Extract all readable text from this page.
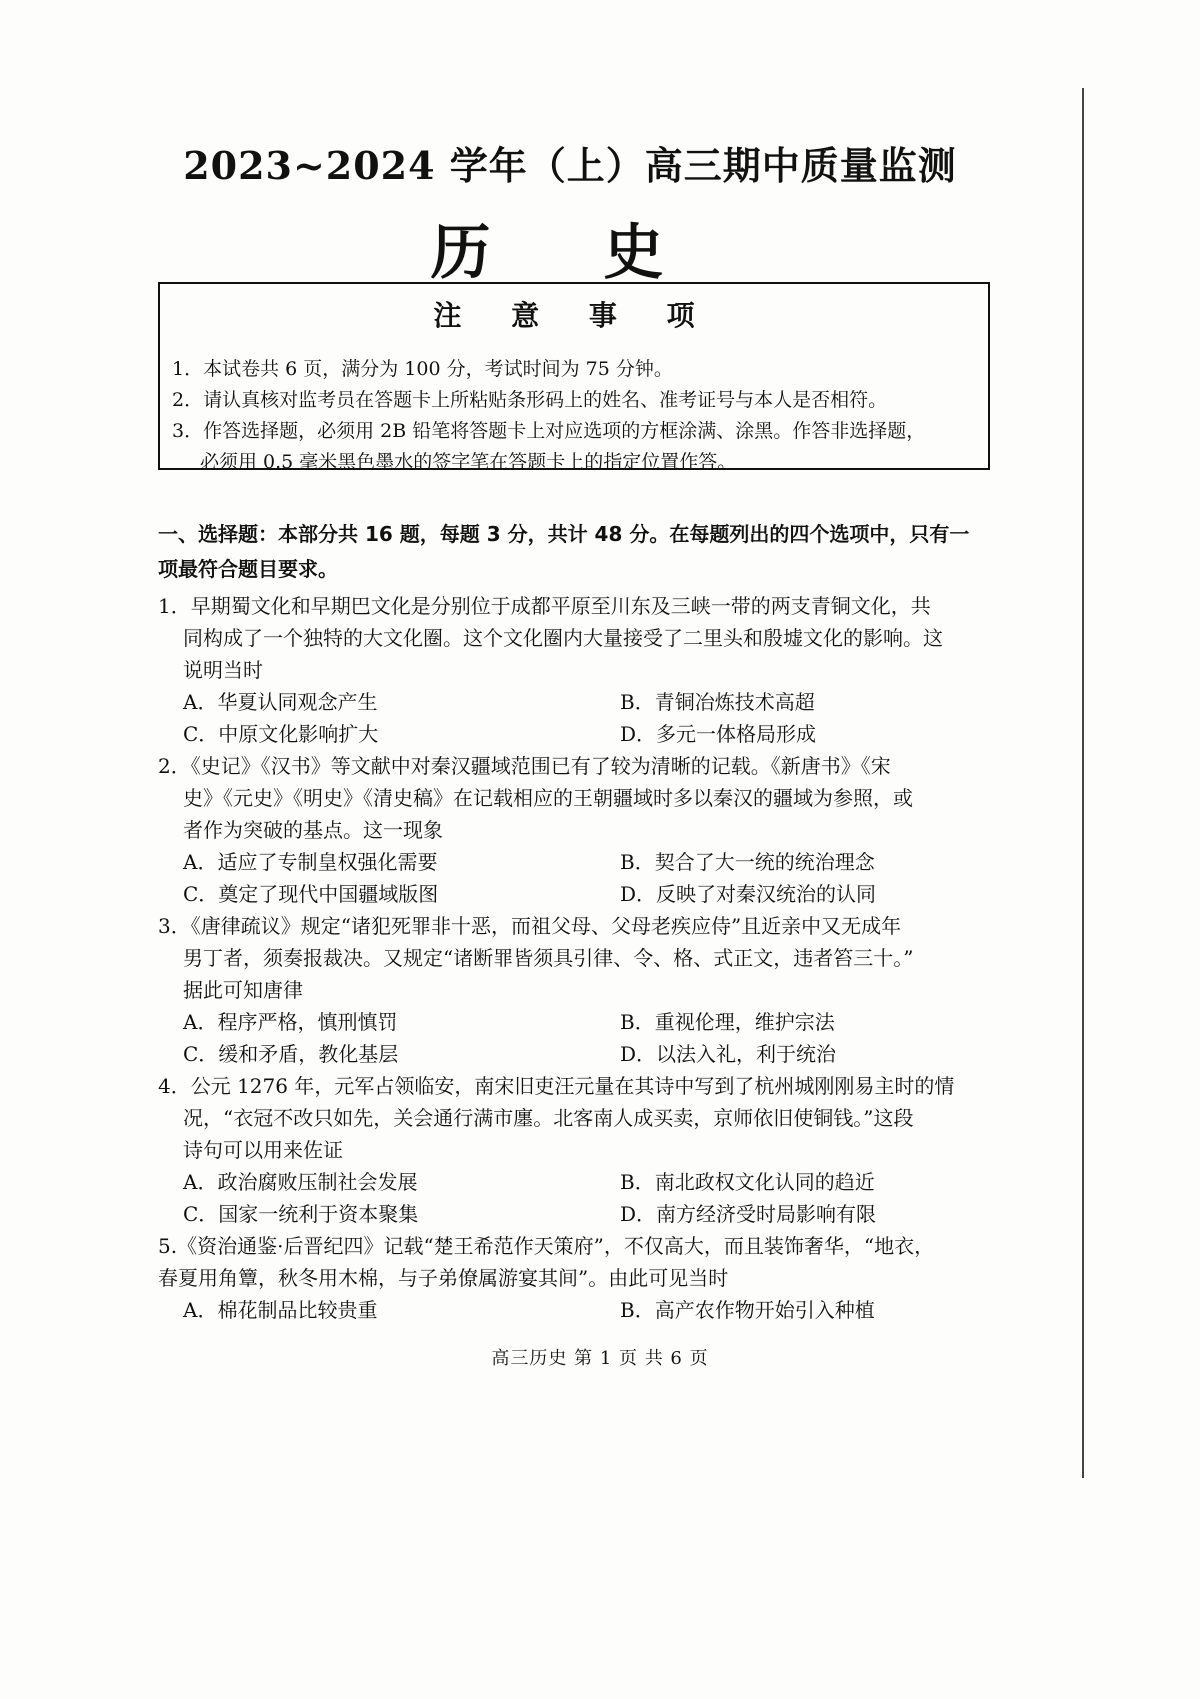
2023~2024 学年（上）高三期中质量监测
历 史
注 意 事 项
1．本试卷共 6 页，满分为 100 分，考试时间为 75 分钟。
2．请认真核对监考员在答题卡上所粘贴条形码上的姓名、准考证号与本人是否相符。
3．作答选择题，必须用 2B 铅笔将答题卡上对应选项的方框涂满、涂黑。作答非选择题，
必须用 0.5 毫米黑色墨水的签字笔在答题卡上的指定位置作答。
一、选择题：本部分共 16 题，每题 3 分，共计 48 分。在每题列出的四个选项中，只有一
项最符合题目要求。
1．早期蜀文化和早期巴文化是分别位于成都平原至川东及三峡一带的两支青铜文化，共
同构成了一个独特的大文化圈。这个文化圈内大量接受了二里头和殷墟文化的影响。这
说明当时
A．华夏认同观念产生	B．青铜冶炼技术高超
C．中原文化影响扩大	D．多元一体格局形成
2．《史记》《汉书》等文献中对秦汉疆域范围已有了较为清晰的记载。《新唐书》《宋
史》《元史》《明史》《清史稿》在记载相应的王朝疆域时多以秦汉的疆域为参照，或
者作为突破的基点。这一现象
A．适应了专制皇权强化需要	B．契合了大一统的统治理念
C．奠定了现代中国疆域版图	D．反映了对秦汉统治的认同
3．《唐律疏议》规定“诸犯死罪非十恶，而祖父母、父母老疾应侍”且近亲中又无成年
男丁者，须奏报裁决。又规定“诸断罪皆须具引律、令、格、式正文，违者笞三十。”
据此可知唐律
A．程序严格，慎刑慎罚	B．重视伦理，维护宗法
C．缓和矛盾，教化基层	D．以法入礼，利于统治
4．公元 1276 年，元军占领临安，南宋旧吏汪元量在其诗中写到了杭州城刚刚易主时的情
况，“衣冠不改只如先，关会通行满市廛。北客南人成买卖，京师依旧使铜钱。”这段
诗句可以用来佐证
A．政治腐败压制社会发展	B．南北政权文化认同的趋近
C．国家一统利于资本聚集	D．南方经济受时局影响有限
5.《资治通鉴·后晋纪四》记载“楚王希范作天策府”，不仅高大，而且装饰奢华，“地衣，
春夏用角簟，秋冬用木棉，与子弟僚属游宴其间”。由此可见当时
A．棉花制品比较贵重	B．高产农作物开始引入种植
高三历史 第 1 页 共 6 页
